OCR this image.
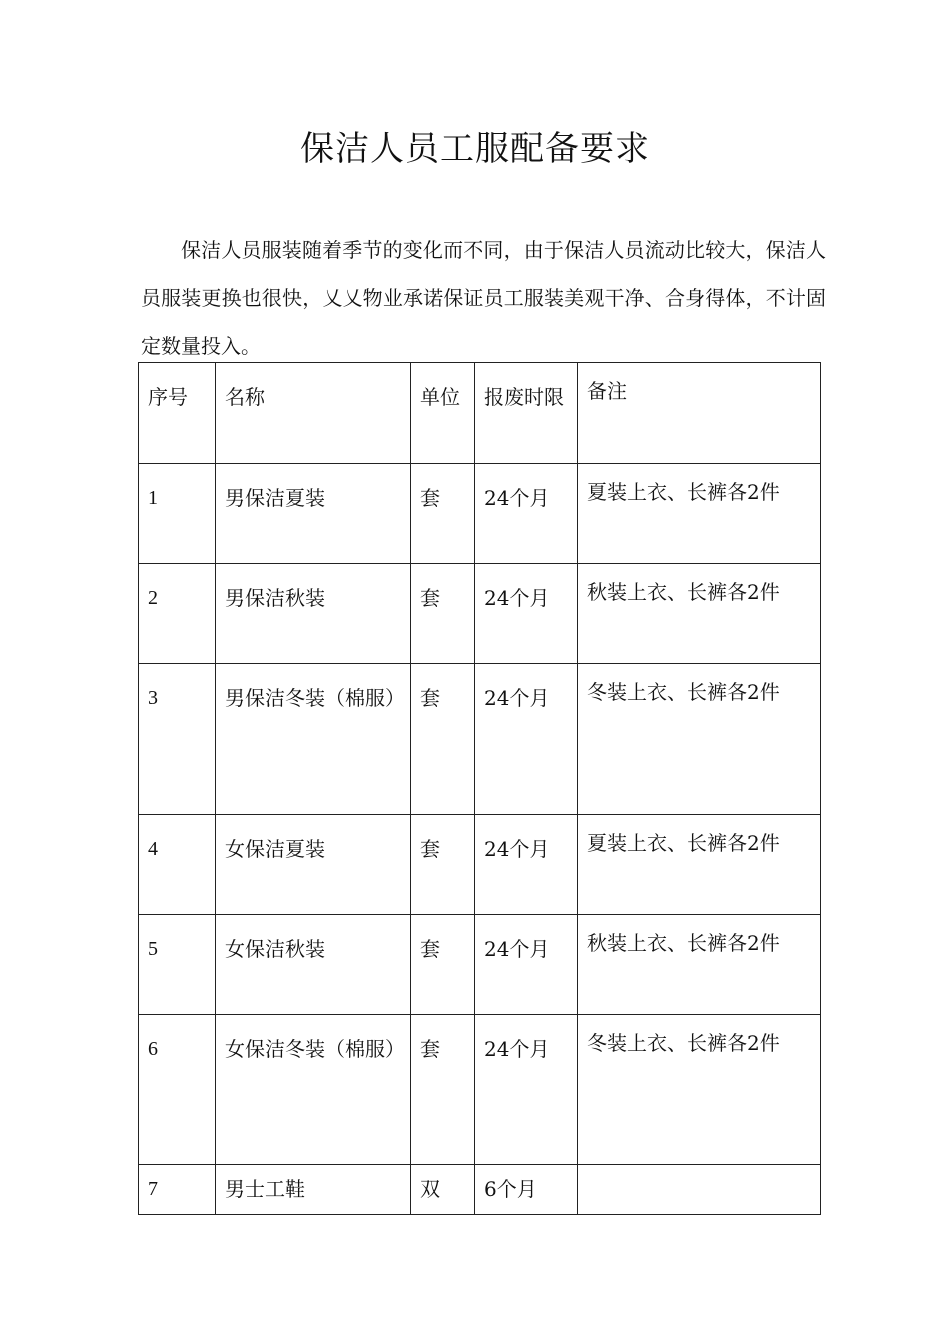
保洁人员工服配备要求

保洁人员服装随着季节的变化而不同，由于保洁人员流动比较大，保洁人员服装更换也很快，乂乂物业承诺保证员工服装美观干净、合身得体，不计固定数量投入。

序号	名称	单位	报废时限	备注
1	男保洁夏装	套	24个月	夏装上衣、长裤各2件
2	男保洁秋装	套	24个月	秋装上衣、长裤各2件
3	男保洁冬装（棉服）	套	24个月	冬装上衣、长裤各2件
4	女保洁夏装	套	24个月	夏装上衣、长裤各2件
5	女保洁秋装	套	24个月	秋装上衣、长裤各2件
6	女保洁冬装（棉服）	套	24个月	冬装上衣、长裤各2件
7	男士工鞋	双	6个月	
